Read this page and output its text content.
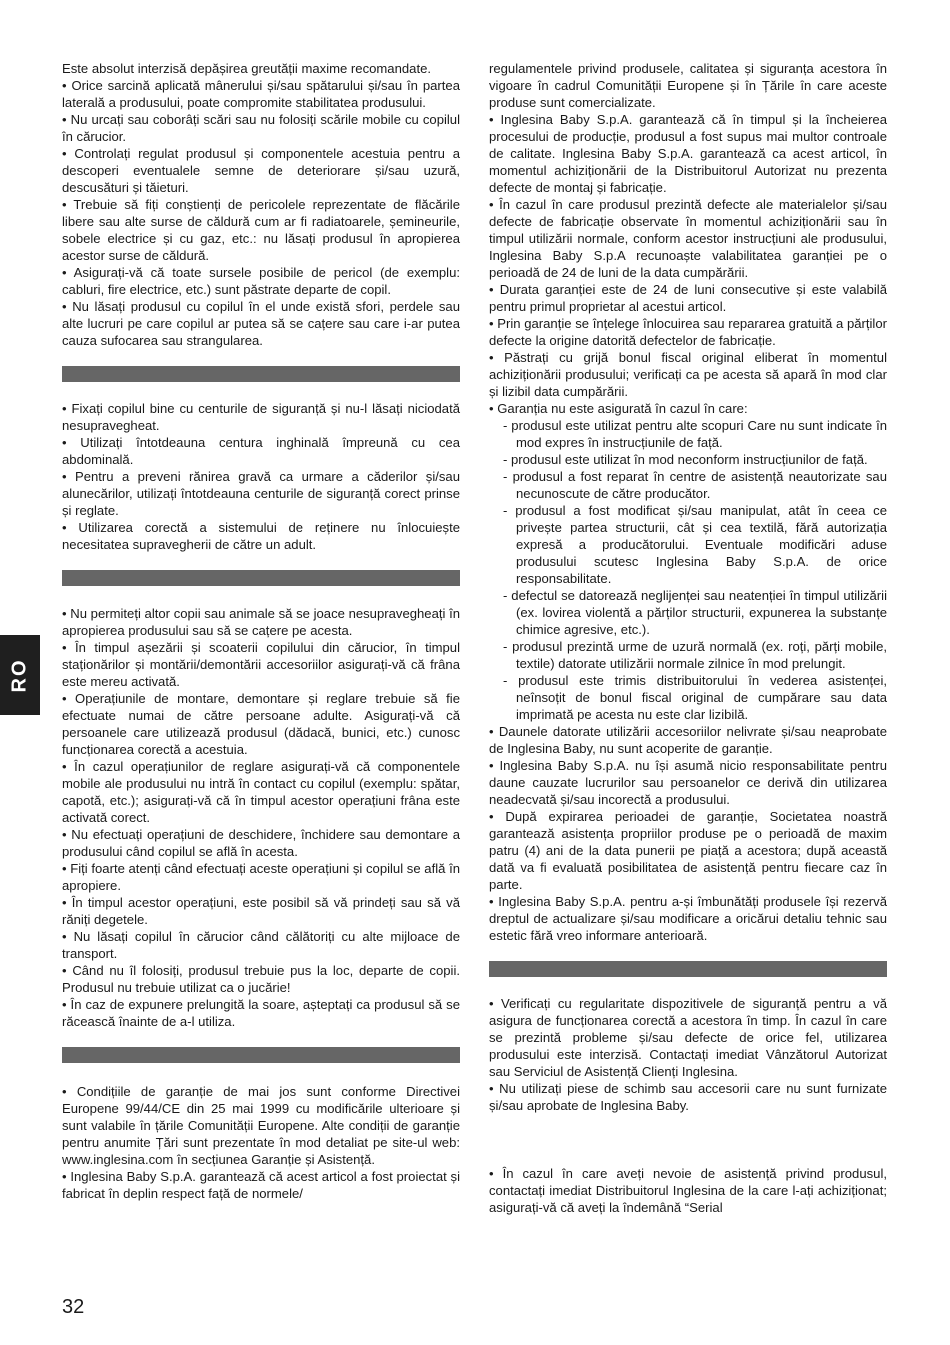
Este absolut interzisă depășirea greutății maxime recomandate.

• Orice sarcină aplicată mânerului și/sau spătarului și/sau în partea laterală a produsului, poate compromite stabilitatea produsului.

• Nu urcați sau coborâți scări sau nu folosiți scările mobile cu copilul în cărucior.

• Controlați regulat produsul și componentele acestuia pentru a descoperi eventualele semne de deteriorare și/sau uzură, descusături și tăieturi.

• Trebuie să fiți conștienți de pericolele reprezentate de flăcările libere sau alte surse de căldură cum ar fi radiatoarele, șemineurile, sobele electrice și cu gaz, etc.: nu lăsați produsul în apropierea acestor surse de căldură.

• Asigurați-vă că toate sursele posibile de pericol (de exemplu: cabluri, fire electrice, etc.) sunt păstrate departe de copil.

• Nu lăsați produsul cu copilul în el unde există sfori, perdele sau alte lucruri pe care copilul ar putea să se cațere sau care i-ar putea cauza sufocarea sau strangularea.

• Fixați copilul bine cu centurile de siguranță și nu-l lăsați niciodată nesupravegheat.

• Utilizați întotdeauna centura inghinală împreună cu cea abdominală.

• Pentru a preveni rănirea gravă ca urmare a căderilor și/sau alunecărilor, utilizați întotdeauna centurile de siguranță corect prinse și reglate.

• Utilizarea corectă a sistemului de reținere nu înlocuiește necesitatea supravegherii de către un adult.

• Nu permiteți altor copii sau animale să se joace nesupravegheați în apropierea produsului sau să se cațere pe acesta.

• În timpul așezării și scoaterii copilului din cărucior, în timpul staționărilor și montării/demontării accesoriilor asigurați-vă că frâna este mereu activată.

• Operațiunile de montare, demontare și reglare trebuie să fie efectuate numai de către persoane adulte. Asigurați-vă că persoanele care utilizează produsul (dădacă, bunici, etc.) cunosc funcționarea corectă a acestuia.

• În cazul operațiunilor de reglare asigurați-vă că componentele mobile ale produsului nu intră în contact cu copilul (exemplu: spătar, capotă, etc.); asigurați-vă că în timpul acestor operațiuni frâna este activată corect.

• Nu efectuați operațiuni de deschidere, închidere sau demontare a produsului când copilul se află în acesta.

• Fiți foarte atenți când efectuați aceste operațiuni și copilul se află în apropiere.

• În timpul acestor operațiuni, este posibil să vă prindeți sau să vă răniți degetele.

• Nu lăsați copilul în cărucior când călătoriți cu alte mijloace de transport.

• Când nu îl folosiți, produsul trebuie pus la loc, departe de copii. Produsul nu trebuie utilizat ca o jucărie!

• În caz de expunere prelungită la soare, așteptați ca produsul să se răcească înainte de a-l utiliza.

• Condițiile de garanție de mai jos sunt conforme Directivei Europene 99/44/CE din 25 mai 1999 cu modificările ulterioare și sunt valabile în țările Comunității Europene. Alte condiții de garanție pentru anumite Țări sunt prezentate în mod detaliat pe site-ul web: www.inglesina.com în secțiunea Garanție și Asistență.

• Inglesina Baby S.p.A. garantează că acest articol a fost proiectat și fabricat în deplin respect față de normele/

regulamentele privind produsele, calitatea și siguranța acestora în vigoare în cadrul Comunității Europene și în Țările în care aceste produse sunt comercializate.

• Inglesina Baby S.p.A. garantează că în timpul și la încheierea procesului de producție, produsul a fost supus mai multor controale de calitate. Inglesina Baby S.p.A. garantează ca acest articol, în momentul achiziționării de la Distribuitorul Autorizat nu prezenta defecte de montaj și fabricație.

• În cazul în care produsul prezintă defecte ale materialelor și/sau defecte de fabricație observate în momentul achiziționării sau în timpul utilizării normale, conform acestor instrucțiuni ale produsului, Inglesina Baby S.p.A recunoaște valabilitatea garanției pe o perioadă de 24 de luni de la data cumpărării.

• Durata garanției este de 24 de luni consecutive și este valabilă pentru primul proprietar al acestui articol.

• Prin garanție se înțelege înlocuirea sau repararea gratuită a părților defecte la origine datorită defectelor de fabricație.

• Păstrați cu grijă bonul fiscal original eliberat în momentul achiziționării produsului; verificați ca pe acesta să apară în mod clar și lizibil data cumpărării.

• Garanția nu este asigurată în cazul în care:

- produsul este utilizat pentru alte scopuri Care nu sunt indicate în mod expres în instrucțiunile de față.

- produsul este utilizat în mod neconform instrucțiunilor de față.

- produsul a fost reparat în centre de asistență neautorizate sau necunoscute de către producător.

- produsul a fost modificat și/sau manipulat, atât în ceea ce privește partea structurii, cât și cea textilă, fără autorizația expresă a producătorului. Eventuale modificări aduse produsului scutesc Inglesina Baby S.p.A. de orice responsabilitate.

- defectul se datorează neglijenței sau neatenției în timpul utilizării (ex. lovirea violentă a părților structurii, expunerea la substanțe chimice agresive, etc.).

- produsul prezintă urme de uzură normală (ex. roți, părți mobile, textile) datorate utilizării normale zilnice în mod prelungit.

- produsul este trimis distribuitorului în vederea asistenței, neînsoțit de bonul fiscal original de cumpărare sau data imprimată pe acesta nu este clar lizibilă.

• Daunele datorate utilizării accesoriilor nelivrate și/sau neaprobate de Inglesina Baby, nu sunt acoperite de garanție.

• Inglesina Baby S.p.A. nu își asumă nicio responsabilitate pentru daune cauzate lucrurilor sau persoanelor ce derivă din utilizarea neadecvată și/sau incorectă a produsului.

• După expirarea perioadei de garanție, Societatea noastră garantează asistența propriilor produse pe o perioadă de maxim patru (4) ani de la data punerii pe piață a acestora; după această dată va fi evaluată posibilitatea de asistență pentru fiecare caz în parte.

• Inglesina Baby S.p.A. pentru a-și îmbunătăți produsele își rezervă dreptul de actualizare și/sau modificare a oricărui detaliu tehnic sau estetic fără vreo informare anterioară.

• Verificați cu regularitate dispozitivele de siguranță pentru a vă asigura de funcționarea corectă a acestora în timp. În cazul în care se prezintă probleme și/sau defecte de orice fel, utilizarea produsului este interzisă. Contactați imediat Vânzătorul Autorizat sau Serviciul de Asistență Clienți Inglesina.

• Nu utilizați piese de schimb sau accesorii care nu sunt furnizate și/sau aprobate de Inglesina Baby.

• În cazul în care aveți nevoie de asistență privind produsul, contactați imediat Distribuitorul Inglesina de la care l-ați achiziționat; asigurați-vă că aveți la îndemână “Serial

RO
32
